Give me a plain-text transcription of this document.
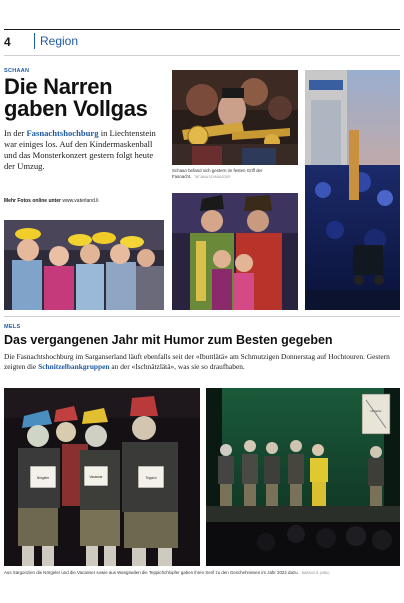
4 Region
SCHAAN
Die Narren gaben Vollgas
In der Fasnachtshochburg in Liechtenstein war einiges los. Auf den Kindermaskenball und das Monsterkonzert gestern folgt heute der Umzug.
Mehr Fotos online unter www.vaterland.li
Schaan befand sich gestern im festen Griff der Fasnacht. TATJANA SCHNALZGER
MELS
Das vergangenen Jahr mit Humor zum Besten gegeben
Die Fasnachtshochburg im Sarganserland läuft ebenfalls seit der «Ibuttlätä» am Schmutzigen Donnerstag auf Hochtouren. Gestern zeigten die Schnitzelbankgruppen an der «Ischnätzlätä», was sie so draufhaben.
Nörgeler	Vacanser	Teppich
Chlopfer
Aus Sargonzien die Nörgeler und die Vacanser sowie aus Wangswilen die Teppichchlopfer gaben ihren Senf zu den Geschehnissen im Jahr 2022 dazu. MARKUS B. (MBU)
